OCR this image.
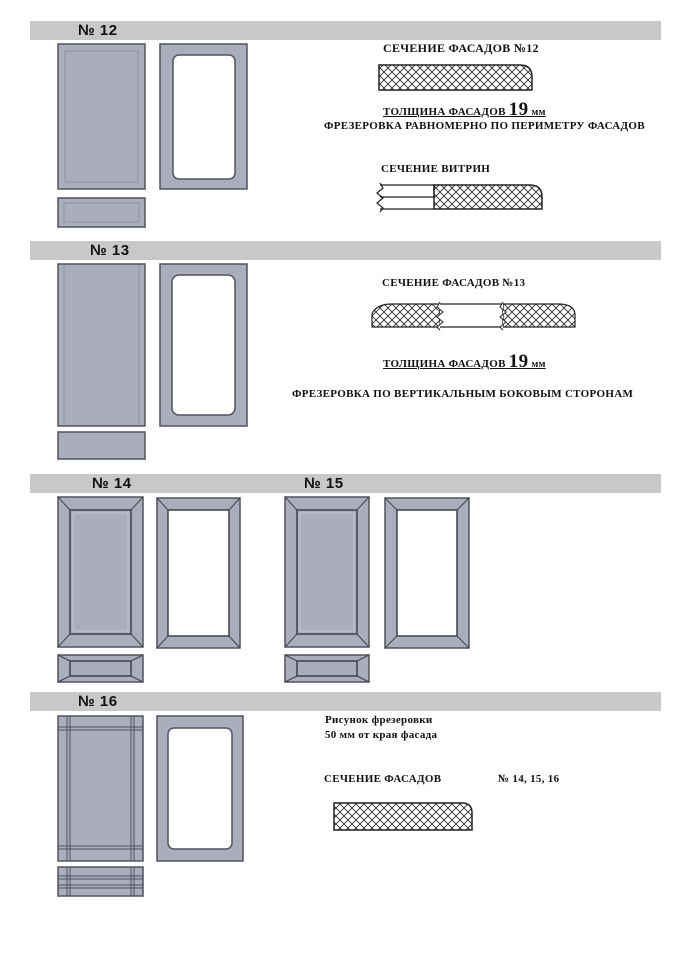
№ 12
№ 13
№ 14	№ 15
№ 16
СЕЧЕНИЕ ФАСАДОВ №12
ТОЛЩИНА ФАСАДОВ 19 мм
ФРЕЗЕРОВКА РАВНОМЕРНО ПО ПЕРИМЕТРУ ФАСАДОВ
СЕЧЕНИЕ ВИТРИН
СЕЧЕНИЕ ФАСАДОВ №13
ТОЛЩИНА ФАСАДОВ 19 мм
ФРЕЗЕРОВКА ПО ВЕРТИКАЛЬНЫМ БОКОВЫМ СТОРОНАМ
Рисунок фрезеровки
50 мм от края фасада
СЕЧЕНИЕ ФАСАДОВ	№ 14, 15, 16
